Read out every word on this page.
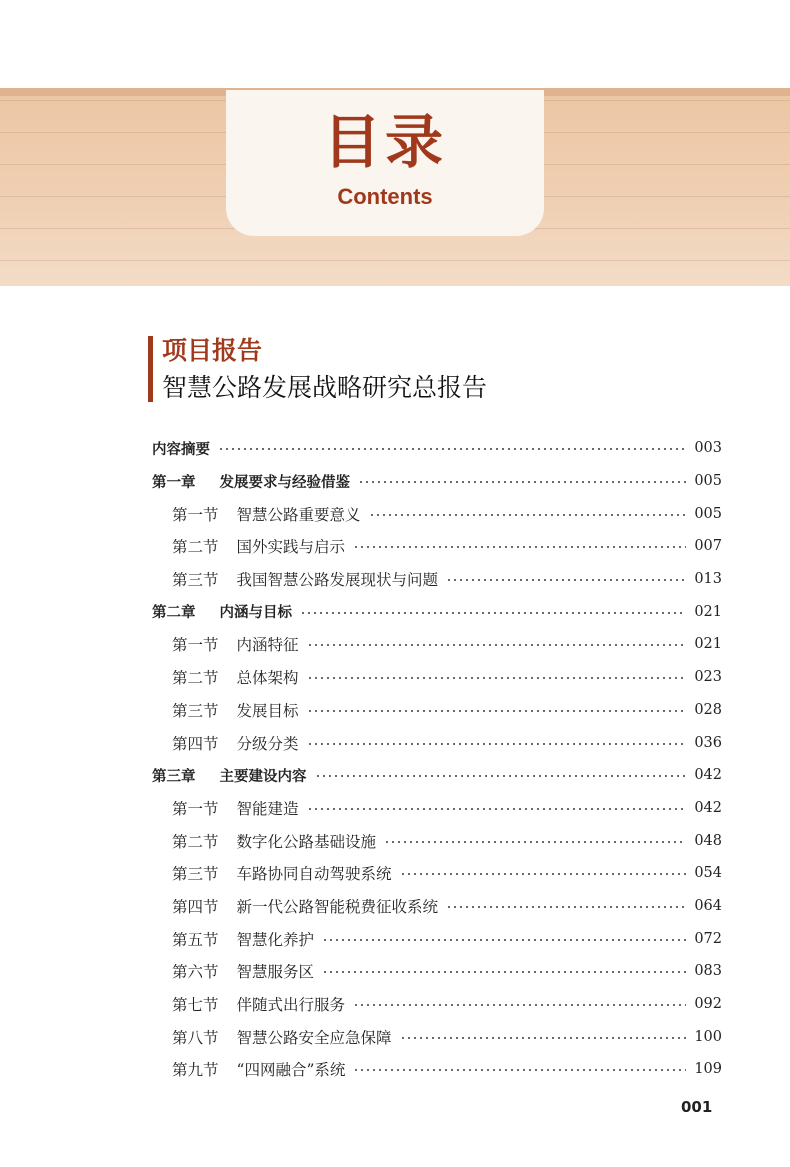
目录
Contents
项目报告
智慧公路发展战略研究总报告
内容摘要	003
第一章 发展要求与经验借鉴	005
第一节 智慧公路重要意义	005
第二节 国外实践与启示	007
第三节 我国智慧公路发展现状与问题	013
第二章 内涵与目标	021
第一节 内涵特征	021
第二节 总体架构	023
第三节 发展目标	028
第四节 分级分类	036
第三章 主要建设内容	042
第一节 智能建造	042
第二节 数字化公路基础设施	048
第三节 车路协同自动驾驶系统	054
第四节 新一代公路智能税费征收系统	064
第五节 智慧化养护	072
第六节 智慧服务区	083
第七节 伴随式出行服务	092
第八节 智慧公路安全应急保障	100
第九节 “四网融合”系统	109
001
